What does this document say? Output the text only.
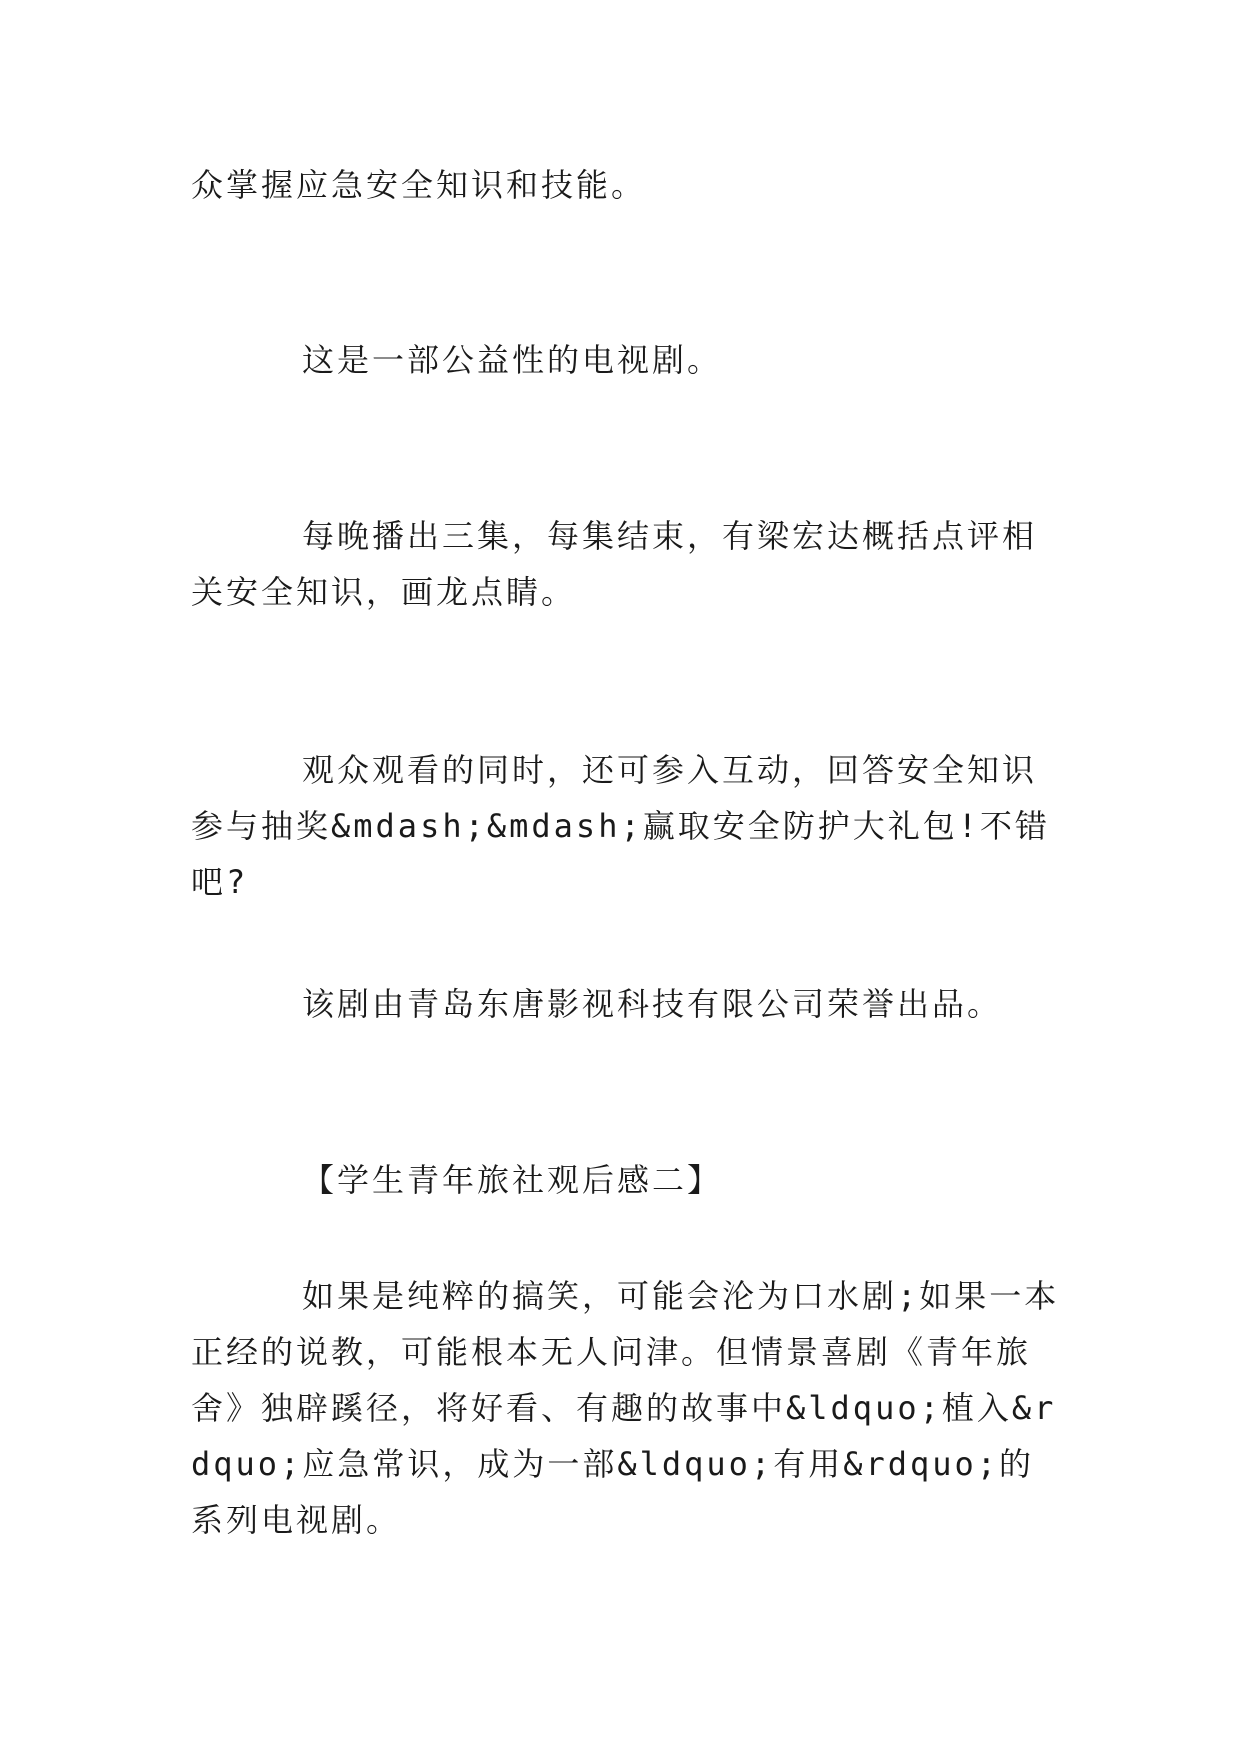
众掌握应急安全知识和技能。

这是一部公益性的电视剧。

每晚播出三集，每集结束，有梁宏达概括点评相关安全知识，画龙点睛。

观众观看的同时，还可参入互动，回答安全知识参与抽奖&mdash;&mdash;赢取安全防护大礼包!不错吧?

该剧由青岛东唐影视科技有限公司荣誉出品。

【学生青年旅社观后感二】

如果是纯粹的搞笑，可能会沦为口水剧;如果一本正经的说教，可能根本无人问津。但情景喜剧《青年旅舍》独辟蹊径，将好看、有趣的故事中&ldquo;植入&rdquo;应急常识，成为一部&ldquo;有用&rdquo;的系列电视剧。
